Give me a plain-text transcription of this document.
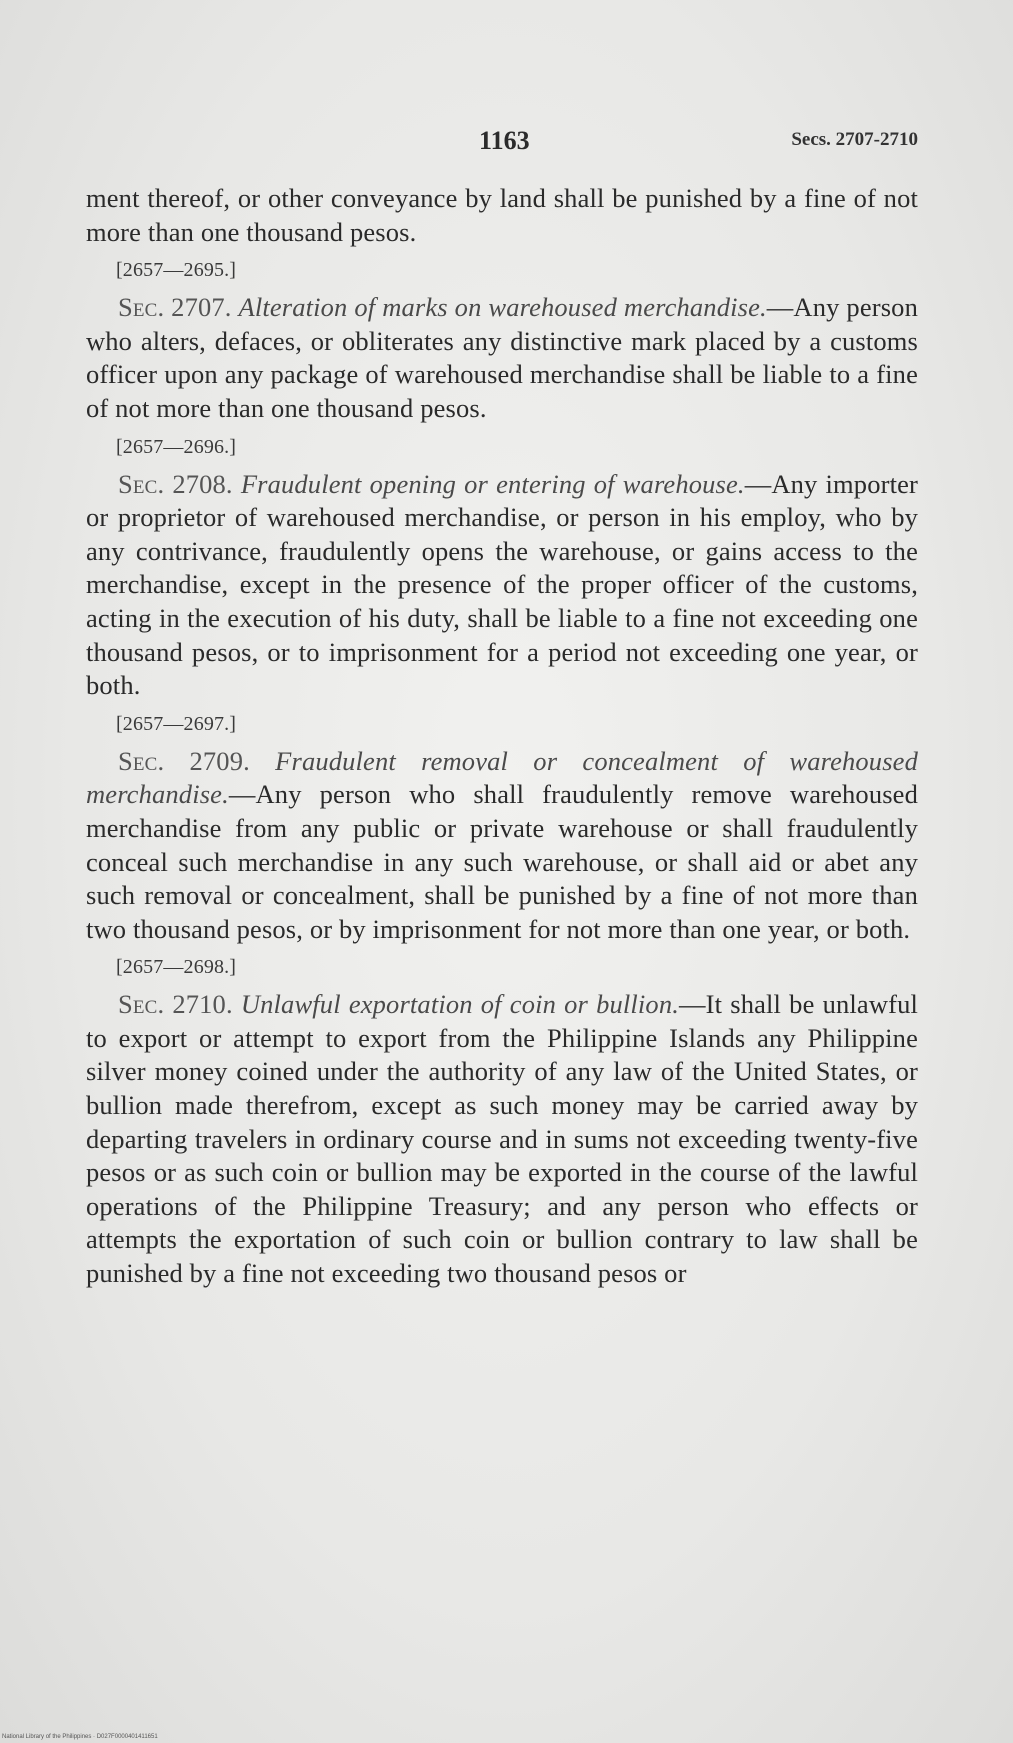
1163	Secs. 2707-2710

ment thereof, or other conveyance by land shall be punished by a fine of not more than one thousand pesos.

[2657—2695.]

Sec. 2707. Alteration of marks on warehoused merchandise.—Any person who alters, defaces, or obliterates any distinctive mark placed by a customs officer upon any package of warehoused merchandise shall be liable to a fine of not more than one thousand pesos.

[2657—2696.]

Sec. 2708. Fraudulent opening or entering of warehouse.—Any importer or proprietor of warehoused merchandise, or person in his employ, who by any contrivance, fraudulently opens the warehouse, or gains access to the merchandise, except in the presence of the proper officer of the customs, acting in the execution of his duty, shall be liable to a fine not exceeding one thousand pesos, or to imprisonment for a period not exceeding one year, or both.

[2657—2697.]

Sec. 2709. Fraudulent removal or concealment of warehoused merchandise.—Any person who shall fraudulently remove warehoused merchandise from any public or private warehouse or shall fraudulently conceal such merchandise in any such warehouse, or shall aid or abet any such removal or concealment, shall be punished by a fine of not more than two thousand pesos, or by imprisonment for not more than one year, or both.

[2657—2698.]

Sec. 2710. Unlawful exportation of coin or bullion.—It shall be unlawful to export or attempt to export from the Philippine Islands any Philippine silver money coined under the authority of any law of the United States, or bullion made therefrom, except as such money may be carried away by departing travelers in ordinary course and in sums not exceeding twenty-five pesos or as such coin or bullion may be exported in the course of the lawful operations of the Philippine Treasury; and any person who effects or attempts the exportation of such coin or bullion contrary to law shall be punished by a fine not exceeding two thousand pesos or

National Library of the Philippines · D027F0000401411651
